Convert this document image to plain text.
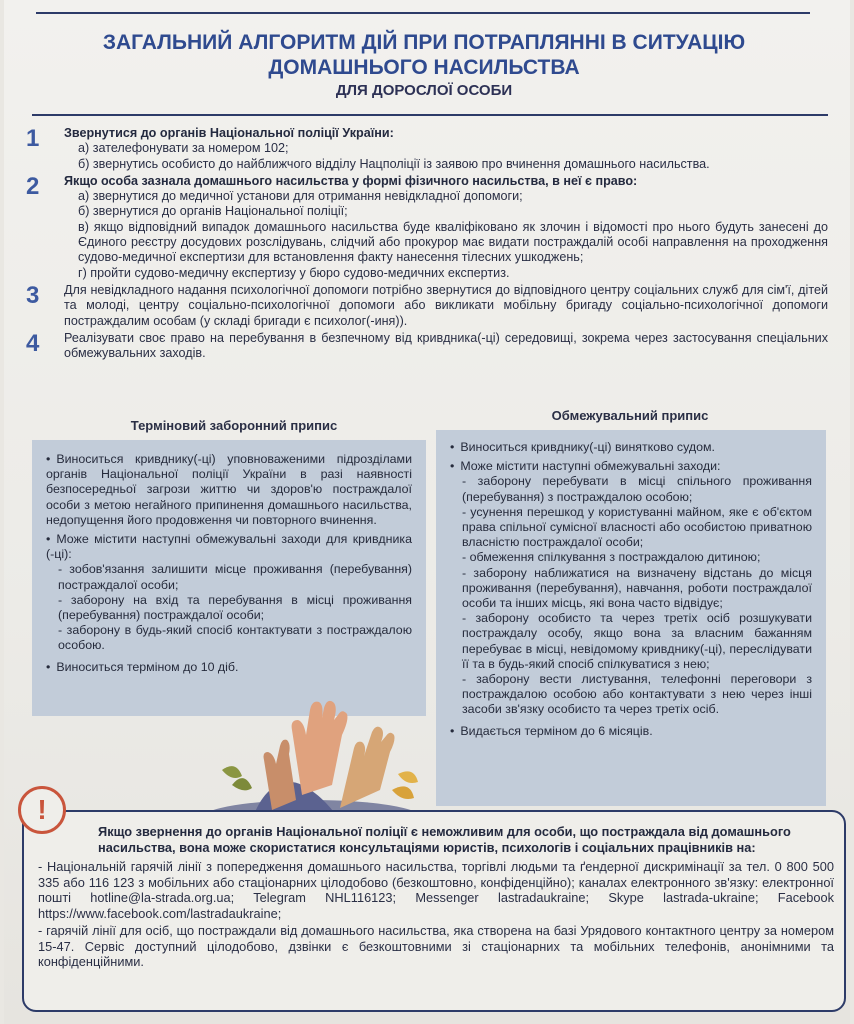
ЗАГАЛЬНИЙ АЛГОРИТМ ДІЙ ПРИ ПОТРАПЛЯННІ В СИТУАЦІЮ
ДОМАШНЬОГО НАСИЛЬСТВА
ДЛЯ ДОРОСЛОЇ ОСОБИ
1 Звернутися до органів Національної поліції України:
а) зателефонувати за номером 102;
б) звернутись особисто до найближчого відділу Нацполіції із заявою про вчинення домашнього насильства.
2 Якщо особа зазнала домашнього насильства у формі фізичного насильства, в неї є право:
а) звернутися до медичної установи для отримання невідкладної допомоги;
б) звернутися до органів Національної поліції;
в) якщо відповідний випадок домашнього насильства буде кваліфіковано як злочин і відомості про нього будуть занесені до Єдиного реєстру досудових розслідувань, слідчий або прокурор має видати постраждалій особі направлення на проходження судово-медичної експертизи для встановлення факту нанесення тілесних ушкоджень;
г) пройти судово-медичну експертизу у бюро судово-медичних експертиз.
3 Для невідкладного надання психологічної допомоги потрібно звернутися до відповідного центру соціальних служб для сім'ї, дітей та молоді, центру соціально-психологічної допомоги або викликати мобільну бригаду соціально-психологічної допомоги постраждалим особам (у складі бригади є психолог(-иня)).
4 Реалізувати своє право на перебування в безпечному від кривдника(-ці) середовищі, зокрема через застосування спеціальних обмежувальних заходів.
Терміновий заборонний припис
Обмежувальний припис
• Виноситься кривднику(-ці) уповноваженими підрозділами органів Національної поліції України в разі наявності безпосередньої загрози життю чи здоров'ю постраждалої особи з метою негайного припинення домашнього насильства, недопущення його продовження чи повторного вчинення.
• Може містити наступні обмежувальні заходи для кривдника (-ці):
- зобов'язання залишити місце проживання (перебування) постраждалої особи;
- заборону на вхід та перебування в місці проживання (перебування) постраждалої особи;
- заборону в будь-який спосіб контактувати з постраждалою особою.
• Виноситься терміном до 10 діб.
• Виноситься кривднику(-ці) винятково судом.
• Може містити наступні обмежувальні заходи:
- заборону перебувати в місці спільного проживання (перебування) з постраждалою особою;
- усунення перешкод у користуванні майном, яке є об'єктом права спільної сумісної власності або особистою приватною власністю постраждалої особи;
- обмеження спілкування з постраждалою дитиною;
- заборону наближатися на визначену відстань до місця проживання (перебування), навчання, роботи постраждалої особи та інших місць, які вона часто відвідує;
- заборону особисто та через третіх осіб розшукувати постраждалу особу, якщо вона за власним бажанням перебуває в місці, невідомому кривднику(-ці), переслідувати її та в будь-який спосіб спілкуватися з нею;
- заборону вести листування, телефонні переговори з постраждалою особою або контактувати з нею через інші засоби зв'язку особисто та через третіх осіб.
• Видається терміном до 6 місяців.
Якщо звернення до органів Національної поліції є неможливим для особи, що постраждала від домашнього насильства, вона може скористатися консультаціями юристів, психологів і соціальних працівників на:
- Національній гарячій лінії з попередження домашнього насильства, торгівлі людьми та ґендерної дискримінації за тел. 0 800 500 335 або 116 123 з мобільних або стаціонарних цілодобово (безкоштовно, конфіденційно); каналах електронного зв'язку: електронної пошті hotline@la-strada.org.ua; Telegram NHL116123; Messenger lastradaukraine; Skype lastrada-ukraine; Facebook https://www.facebook.com/lastradaukraine;
- гарячій лінії для осіб, що постраждали від домашнього насильства, яка створена на базі Урядового контактного центру за номером 15-47. Сервіс доступний цілодобово, дзвінки є безкоштовними зі стаціонарних та мобільних телефонів, анонімними та конфіденційними.
!
